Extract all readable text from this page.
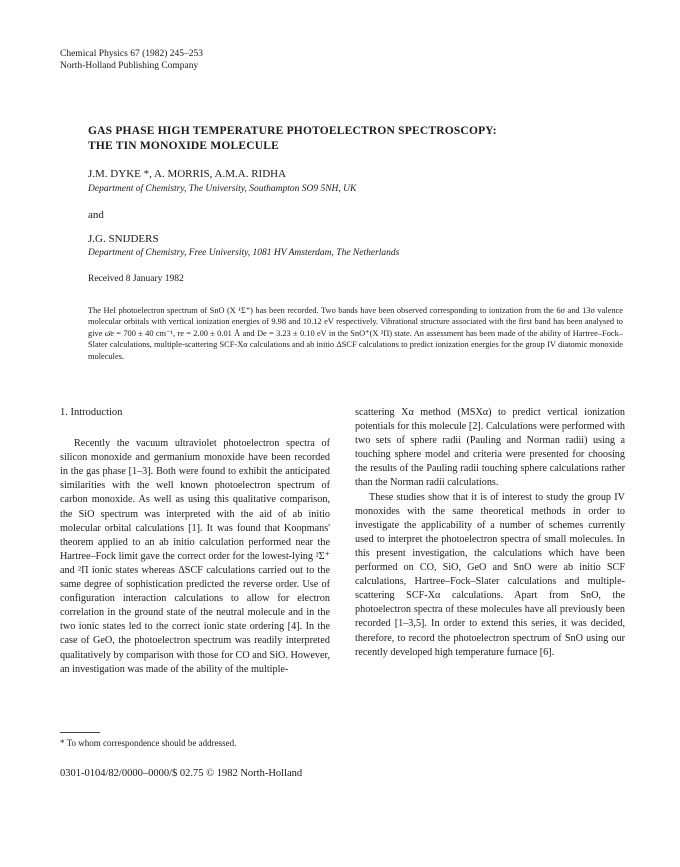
Chemical Physics 67 (1982) 245–253
North-Holland Publishing Company
GAS PHASE HIGH TEMPERATURE PHOTOELECTRON SPECTROSCOPY:
THE TIN MONOXIDE MOLECULE
J.M. DYKE *, A. MORRIS, A.M.A. RIDHA
Department of Chemistry, The University, Southampton SO9 5NH, UK
and
J.G. SNIJDERS
Department of Chemistry, Free University, 1081 HV Amsterdam, The Netherlands
Received 8 January 1982
The HeI photoelectron spectrum of SnO (X ¹Σ⁺) has been recorded. Two bands have been observed corresponding to ionization from the 6σ and 13σ valence molecular orbitals with vertical ionization energies of 9.98 and 10.12 eV respectively. Vibrational structure associated with the first band has been analysed to give ω̄e = 700 ± 40 cm⁻¹, re = 2.00 ± 0.01 Å and De = 3.23 ± 0.10 eV in the SnO⁺(X ²Π) state. An assessment has been made of the ability of Hartree–Fock–Slater calculations, multiple-scattering SCF-Xα calculations and ab initio ΔSCF calculations to predict ionization energies for the group IV diatomic monoxide molecules.

1. Introduction

Recently the vacuum ultraviolet photoelectron spectra of silicon monoxide and germanium monoxide have been recorded in the gas phase [1–3]. Both were found to exhibit the anticipated similarities with the well known photoelectron spectrum of carbon monoxide. As well as using this qualitative comparison, the SiO spectrum was interpreted with the aid of ab initio molecular orbital calculations [1]. It was found that Koopmans' theorem applied to an ab initio calculation performed near the Hartree–Fock limit gave the correct order for the lowest-lying ²Σ⁺ and ²Π ionic states whereas ΔSCF calculations carried out to the same degree of sophistication predicted the reverse order. Use of configuration interaction calculations to allow for electron correlation in the ground state of the neutral molecule and in the two ionic states led to the correct ionic state ordering [4]. In the case of GeO, the photoelectron spectrum was readily interpreted qualitatively by comparison with those for CO and SiO. However, an investigation was made of the ability of the multiple-

scattering Xα method (MSXα) to predict vertical ionization potentials for this molecule [2]. Calculations were performed with two sets of sphere radii (Pauling and Norman radii) using a touching sphere model and criteria were presented for choosing the results of the Pauling radii touching sphere calculations rather than the Norman radii calculations.

These studies show that it is of interest to study the group IV monoxides with the same theoretical methods in order to investigate the applicability of a number of schemes currently used to interpret the photoelectron spectra of small molecules. In this present investigation, the calculations which have been performed on CO, SiO, GeO and SnO were ab initio SCF calculations, Hartree–Fock–Slater calculations and multiple-scattering SCF-Xα calculations. Apart from SnO, the photoelectron spectra of these molecules have all previously been recorded [1–3,5]. In order to extend this series, it was decided, therefore, to record the photoelectron spectrum of SnO using our recently developed high temperature furnace [6].

* To whom correspondence should be addressed.
0301-0104/82/0000–0000/$ 02.75 © 1982 North-Holland
